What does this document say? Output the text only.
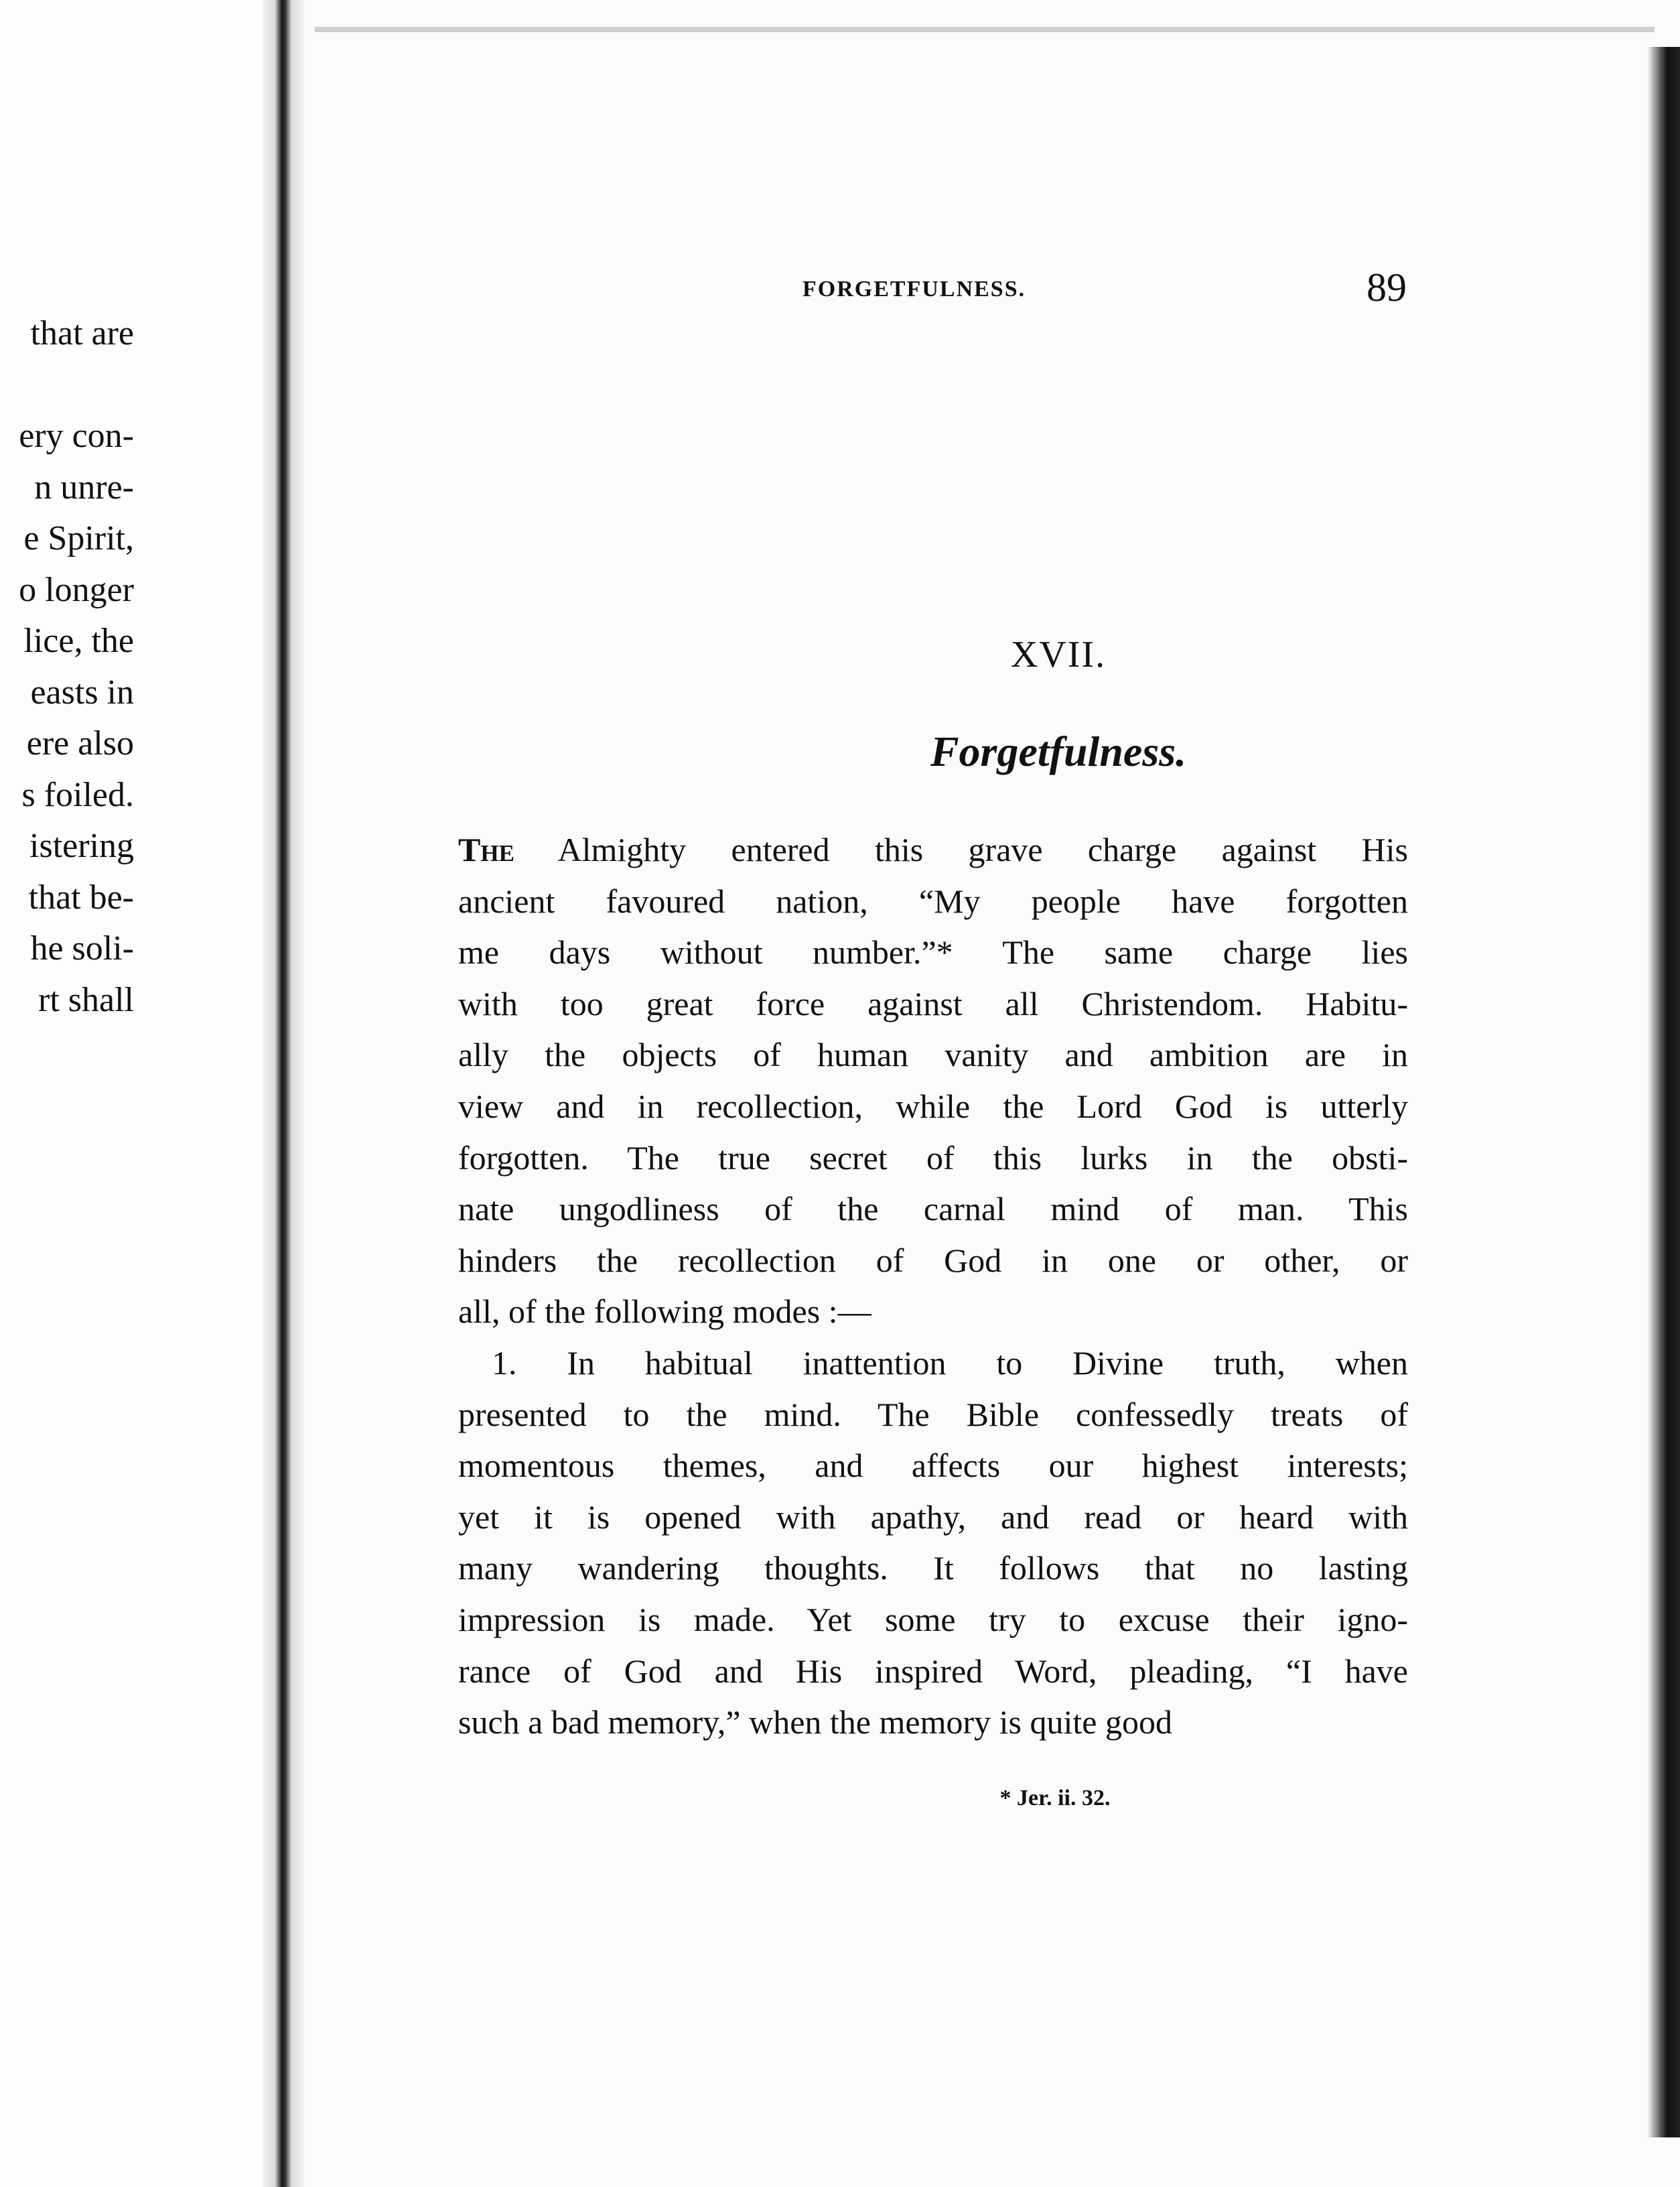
that are

ery con-
n unre-
e Spirit,
o longer
lice, the
easts in
ere also
s foiled.
istering
that be-
he soli-
rt shall
FORGETFULNESS.	89
XVII.
Forgetfulness.
The Almighty entered this grave charge against His
ancient favoured nation, “My people have forgotten
me days without number.”* The same charge lies
with too great force against all Christendom. Habitu-
ally the objects of human vanity and ambition are in
view and in recollection, while the Lord God is utterly
forgotten. The true secret of this lurks in the obsti-
nate ungodliness of the carnal mind of man. This
hinders the recollection of God in one or other, or
all, of the following modes :—
1. In habitual inattention to Divine truth, when
presented to the mind. The Bible confessedly treats of
momentous themes, and affects our highest interests;
yet it is opened with apathy, and read or heard with
many wandering thoughts. It follows that no lasting
impression is made. Yet some try to excuse their igno-
rance of God and His inspired Word, pleading, “I have
such a bad memory,” when the memory is quite good
* Jer. ii. 32.
